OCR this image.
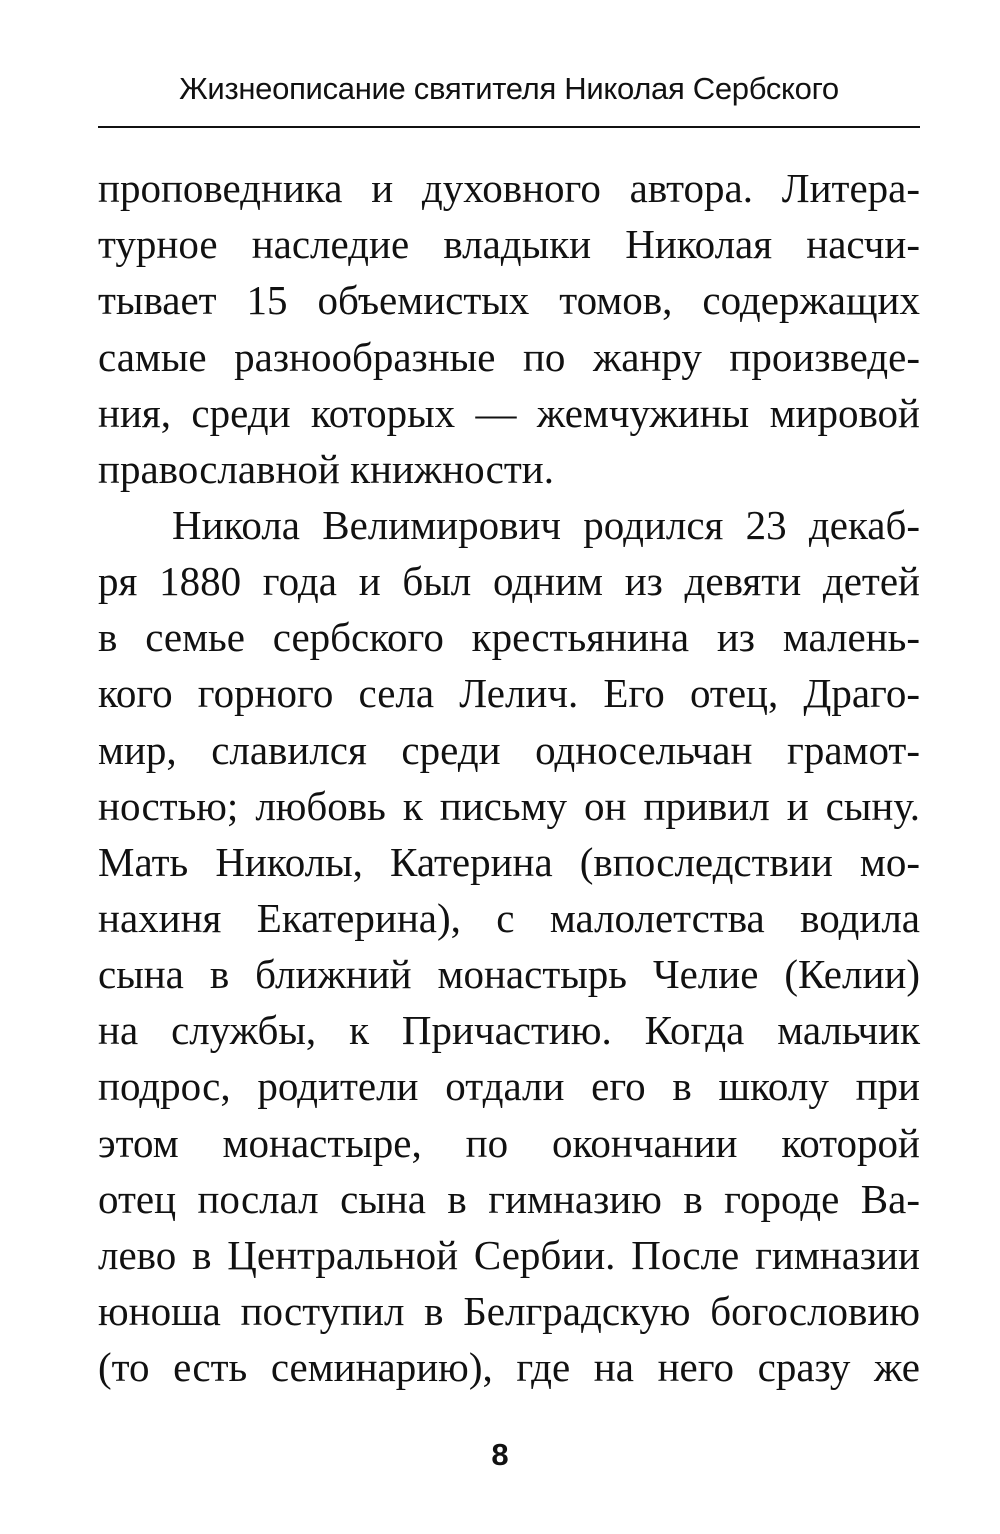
Жизнеописание святителя Николая Сербского

проповедника и духовного автора. Литера-

турное наследие владыки Николая насчи-

тывает 15 объемистых томов, содержащих

самые разнообразные по жанру произведе-

ния, среди которых — жемчужины мировой

православной книжности.

Никола Велимирович родился 23 декаб-

ря 1880 года и был одним из девяти детей

в семье сербского крестьянина из малень-

кого горного села Лелич. Его отец, Драго-

мир, славился среди односельчан грамот-

ностью; любовь к письму он привил и сыну.

Мать Николы, Катерина (впоследствии мо-

нахиня Екатерина), с малолетства водила

сына в ближний монастырь Челие (Келии)

на службы, к Причастию. Когда мальчик

подрос, родители отдали его в школу при

этом монастыре, по окончании которой

отец послал сына в гимназию в городе Ва-

лево в Центральной Сербии. После гимназии

юноша поступил в Белградскую богословию

(то есть семинарию), где на него сразу же

8
